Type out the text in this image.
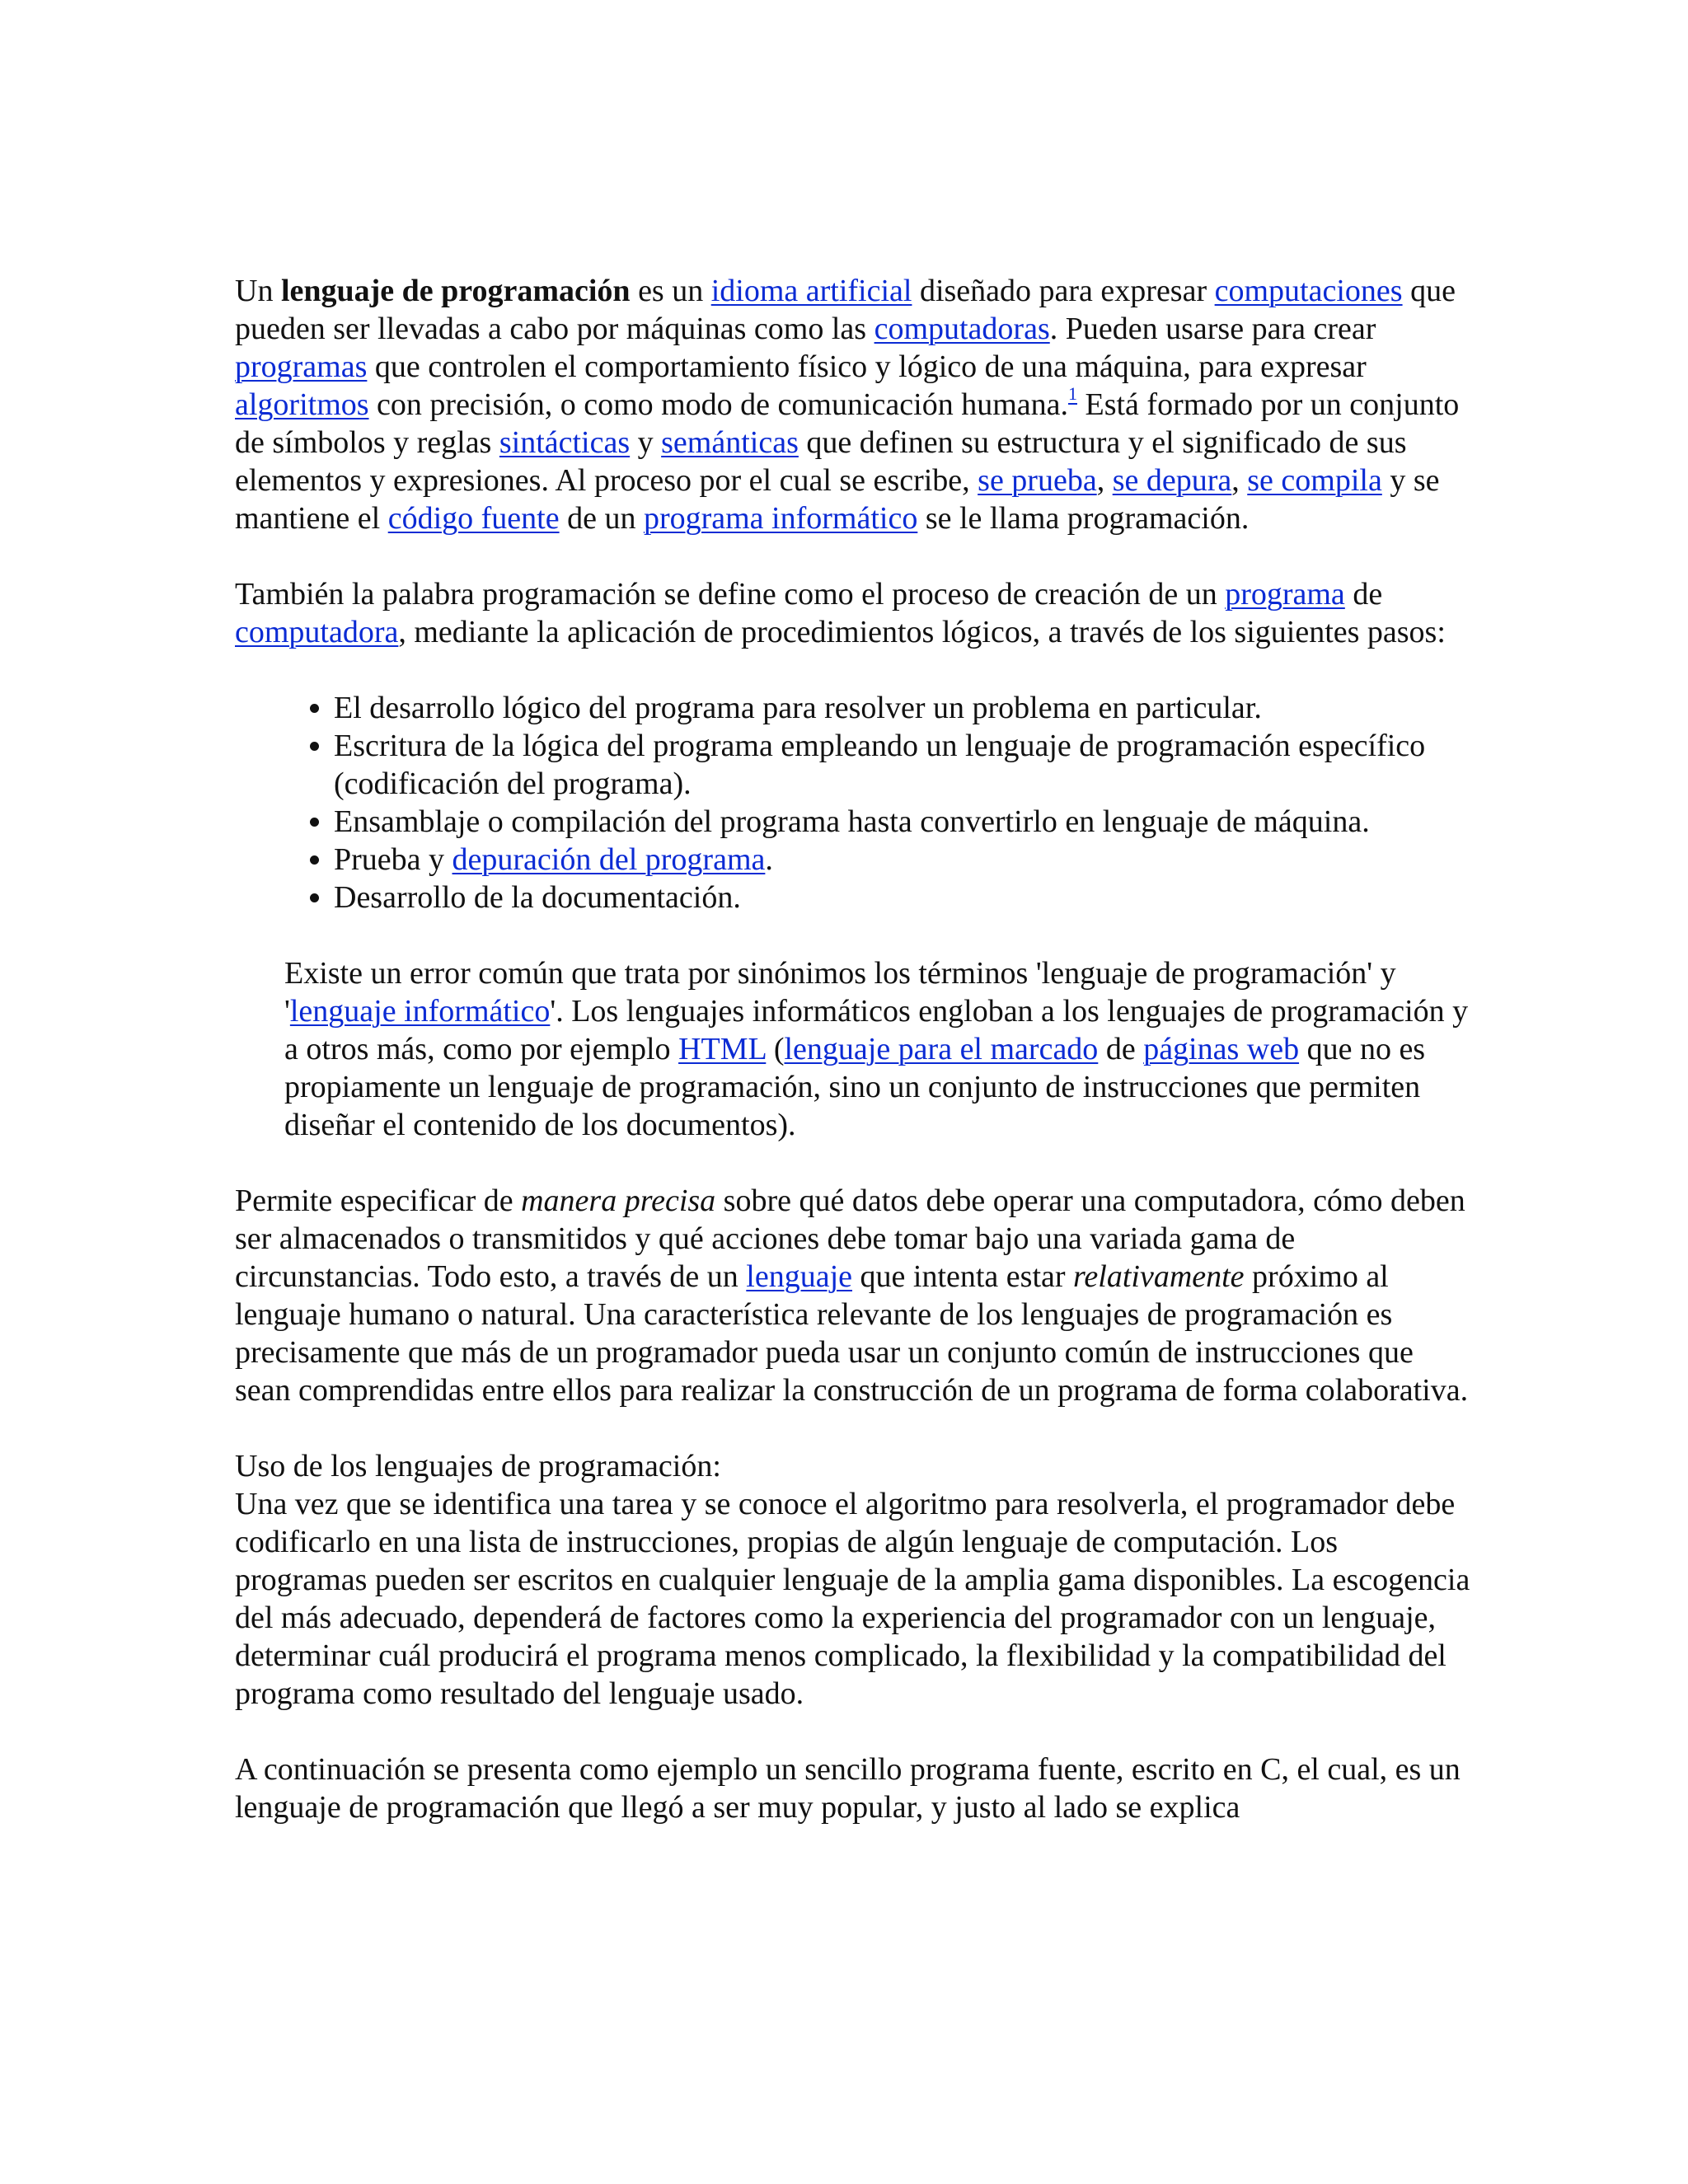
Un lenguaje de programación es un idioma artificial diseñado para expresar computaciones que pueden ser llevadas a cabo por máquinas como las computadoras. Pueden usarse para crear programas que controlen el comportamiento físico y lógico de una máquina, para expresar algoritmos con precisión, o como modo de comunicación humana.$^1$ Está formado por un conjunto de símbolos y reglas sintácticas y semánticas que definen su estructura y el significado de sus elementos y expresiones. Al proceso por el cual se escribe, se prueba, se depura, se compila y se mantiene el código fuente de un programa informático se le llama programación.

También la palabra programación se define como el proceso de creación de un programa de computadora, mediante la aplicación de procedimientos lógicos, a través de los siguientes pasos:

• El desarrollo lógico del programa para resolver un problema en particular.
• Escritura de la lógica del programa empleando un lenguaje de programación específico (codificación del programa).
• Ensamblaje o compilación del programa hasta convertirlo en lenguaje de máquina.
• Prueba y depuración del programa.
• Desarrollo de la documentación.

Existe un error común que trata por sinónimos los términos 'lenguaje de programación' y 'lenguaje informático'. Los lenguajes informáticos engloban a los lenguajes de programación y a otros más, como por ejemplo HTML (lenguaje para el marcado de páginas web que no es propiamente un lenguaje de programación, sino un conjunto de instrucciones que permiten diseñar el contenido de los documentos).

Permite especificar de manera precisa sobre qué datos debe operar una computadora, cómo deben ser almacenados o transmitidos y qué acciones debe tomar bajo una variada gama de circunstancias. Todo esto, a través de un lenguaje que intenta estar relativamente próximo al lenguaje humano o natural. Una característica relevante de los lenguajes de programación es precisamente que más de un programador pueda usar un conjunto común de instrucciones que sean comprendidas entre ellos para realizar la construcción de un programa de forma colaborativa.

Uso de los lenguajes de programación:
Una vez que se identifica una tarea y se conoce el algoritmo para resolverla, el programador debe codificarlo en una lista de instrucciones, propias de algún lenguaje de computación. Los programas pueden ser escritos en cualquier lenguaje de la amplia gama disponibles. La escogencia del más adecuado, dependerá de factores como la experiencia del programador con un lenguaje, determinar cuál producirá el programa menos complicado, la flexibilidad y la compatibilidad del programa como resultado del lenguaje usado.

A continuación se presenta como ejemplo un sencillo programa fuente, escrito en C, el cual, es un lenguaje de programación que llegó a ser muy popular, y justo al lado se explica
